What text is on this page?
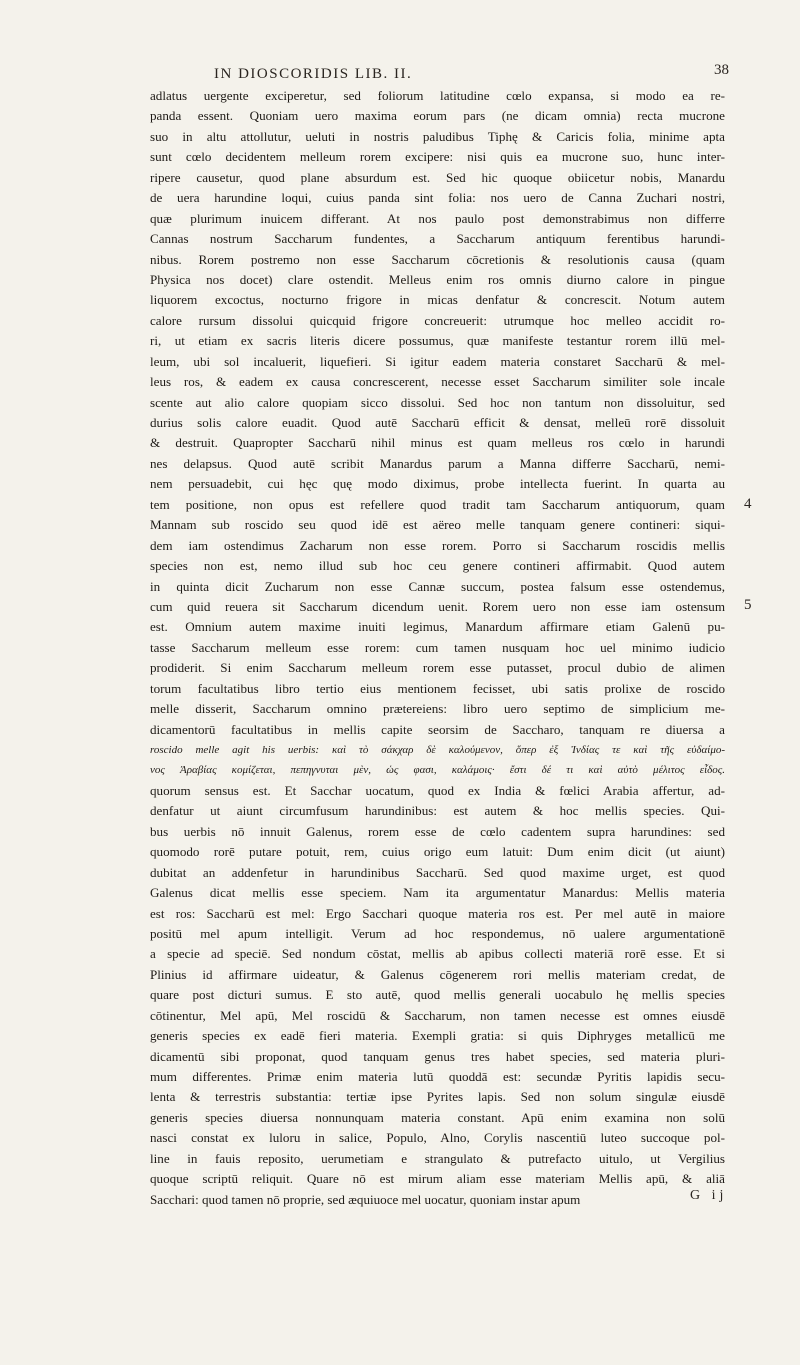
IN DIOSCORIDIS LIB. II.	38
adlatus uergente exciperetur, sed foliorum latitudine cœlo expansa, si modo ea re-
panda essent. Quoniam uero maxima eorum pars (ne dicam omnia) recta mucrone
suo in altu attollutur, ueluti in nostris paludibus Tiphę & Caricis folia, minime apta
sunt cœlo decidentem melleum rorem excipere: nisi quis ea mucrone suo, hunc inter-
ripere causetur, quod plane absurdum est. Sed hic quoque obiicetur nobis, Manardu
de uera harundine loqui, cuius panda sint folia: nos uero de Canna Zuchari nostri,
quæ plurimum inuicem differant. At nos paulo post demonstrabimus non differre
Cannas nostrum Saccharum fundentes, a Saccharum antiquum ferentibus harundi-
nibus. Rorem postremo non esse Saccharum cōcretionis & resolutionis causa (quam
Physica nos docet) clare ostendit. Melleus enim ros omnis diurno calore in pingue
liquorem excoctus, nocturno frigore in micas denfatur & concrescit. Notum autem
calore rursum dissolui quicquid frigore concreuerit: utrumque hoc melleo accidit ro-
ri, ut etiam ex sacris literis dicere possumus, quæ manifeste testantur rorem illū mel-
leum, ubi sol incaluerit, liquefieri. Si igitur eadem materia constaret Saccharū & mel-
leus ros, & eadem ex causa concrescerent, necesse esset Saccharum similiter sole incale
scente aut alio calore quopiam sicco dissolui. Sed hoc non tantum non dissoluitur, sed
durius solis calore euadit. Quod autē Saccharū efficit & densat, melleū rorē dissoluit
& destruit. Quapropter Saccharū nihil minus est quam melleus ros cœlo in harundi
nes delapsus. Quod autē scribit Manardus parum a Manna differre Saccharū, nemi-
nem persuadebit, cui hęc quę modo diximus, probe intellecta fuerint. In quarta au
tem positione, non opus est refellere quod tradit tam Saccharum antiquorum, quam
Mannam sub roscido seu quod idē est aëreo melle tanquam genere contineri: siqui-
dem iam ostendimus Zacharum non esse rorem. Porro si Saccharum roscidis mellis
species non est, nemo illud sub hoc ceu genere contineri affirmabit. Quod autem
in quinta dicit Zucharum non esse Cannæ succum, postea falsum esse ostendemus,
cum quid reuera sit Saccharum dicendum uenit. Rorem uero non esse iam ostensum
est. Omnium autem maxime inuiti legimus, Manardum affirmare etiam Galenū pu-
tasse Saccharum melleum esse rorem: cum tamen nusquam hoc uel minimo iudicio
prodiderit. Si enim Saccharum melleum rorem esse putasset, procul dubio de alimen
torum facultatibus libro tertio eius mentionem fecisset, ubi satis prolixe de roscido
melle disserit, Saccharum omnino prætereiens: libro uero septimo de simplicium me-
dicamentorū facultatibus in mellis capite seorsim de Saccharo, tanquam re diuersa a
roscido melle agit his uerbis: καὶ τὸ σάκχαρ δὲ καλούμενον, ὅπερ ἐξ Ἰνδίας τε καὶ τῆς εὐδαίμο-
νος Ἀραβίας κομίζεται, πεπηγνυται μὲν, ὡς φασι, καλάμοις· ἔστι δέ τι καὶ αὐτὸ μέλιτος εἶδος.
quorum sensus est. Et Sacchar uocatum, quod ex India & fœlici Arabia affertur, ad-
denfatur ut aiunt circumfusum harundinibus: est autem & hoc mellis species. Qui-
bus uerbis nō innuit Galenus, rorem esse de cœlo cadentem supra harundines: sed
quomodo rorē putare potuit, rem, cuius origo eum latuit: Dum enim dicit (ut aiunt)
dubitat an addenfetur in harundinibus Saccharū. Sed quod maxime urget, est quod
Galenus dicat mellis esse speciem. Nam ita argumentatur Manardus: Mellis materia
est ros: Saccharū est mel: Ergo Sacchari quoque materia ros est. Per mel autē in maiore
positū mel apum intelligit. Verum ad hoc respondemus, nō ualere argumentationē
a specie ad speciē. Sed nondum cōstat, mellis ab apibus collecti materiā rorē esse. Et si
Plinius id affirmare uideatur, & Galenus cōgenerem rori mellis materiam credat, de
quare post dicturi sumus. E sto autē, quod mellis generali uocabulo hę mellis species
cōtinentur, Mel apū, Mel roscidū & Saccharum, non tamen necesse est omnes eiusdē
generis species ex eadē fieri materia. Exempli gratia: si quis Diphryges metallicū me
dicamentū sibi proponat, quod tanquam genus tres habet species, sed materia pluri-
mum differentes. Primæ enim materia lutū quoddā est: secundæ Pyritis lapidis secu-
lenta & terrestris substantia: tertiæ ipse Pyrites lapis. Sed non solum singulæ eiusdē
generis species diuersa nonnunquam materia constant. Apū enim examina non solū
nasci constat ex luloru in salice, Populo, Alno, Corylis nascentiū luteo succoque pol-
line in fauis reposito, uerumetiam e strangulato & putrefacto uitulo, ut Vergilius
quoque scriptū reliquit. Quare nō est mirum aliam esse materiam Mellis apū, & aliā
Sacchari: quod tamen nō proprie, sed æquiuoce mel uocatur, quoniam instar apum
4
5
G ij
